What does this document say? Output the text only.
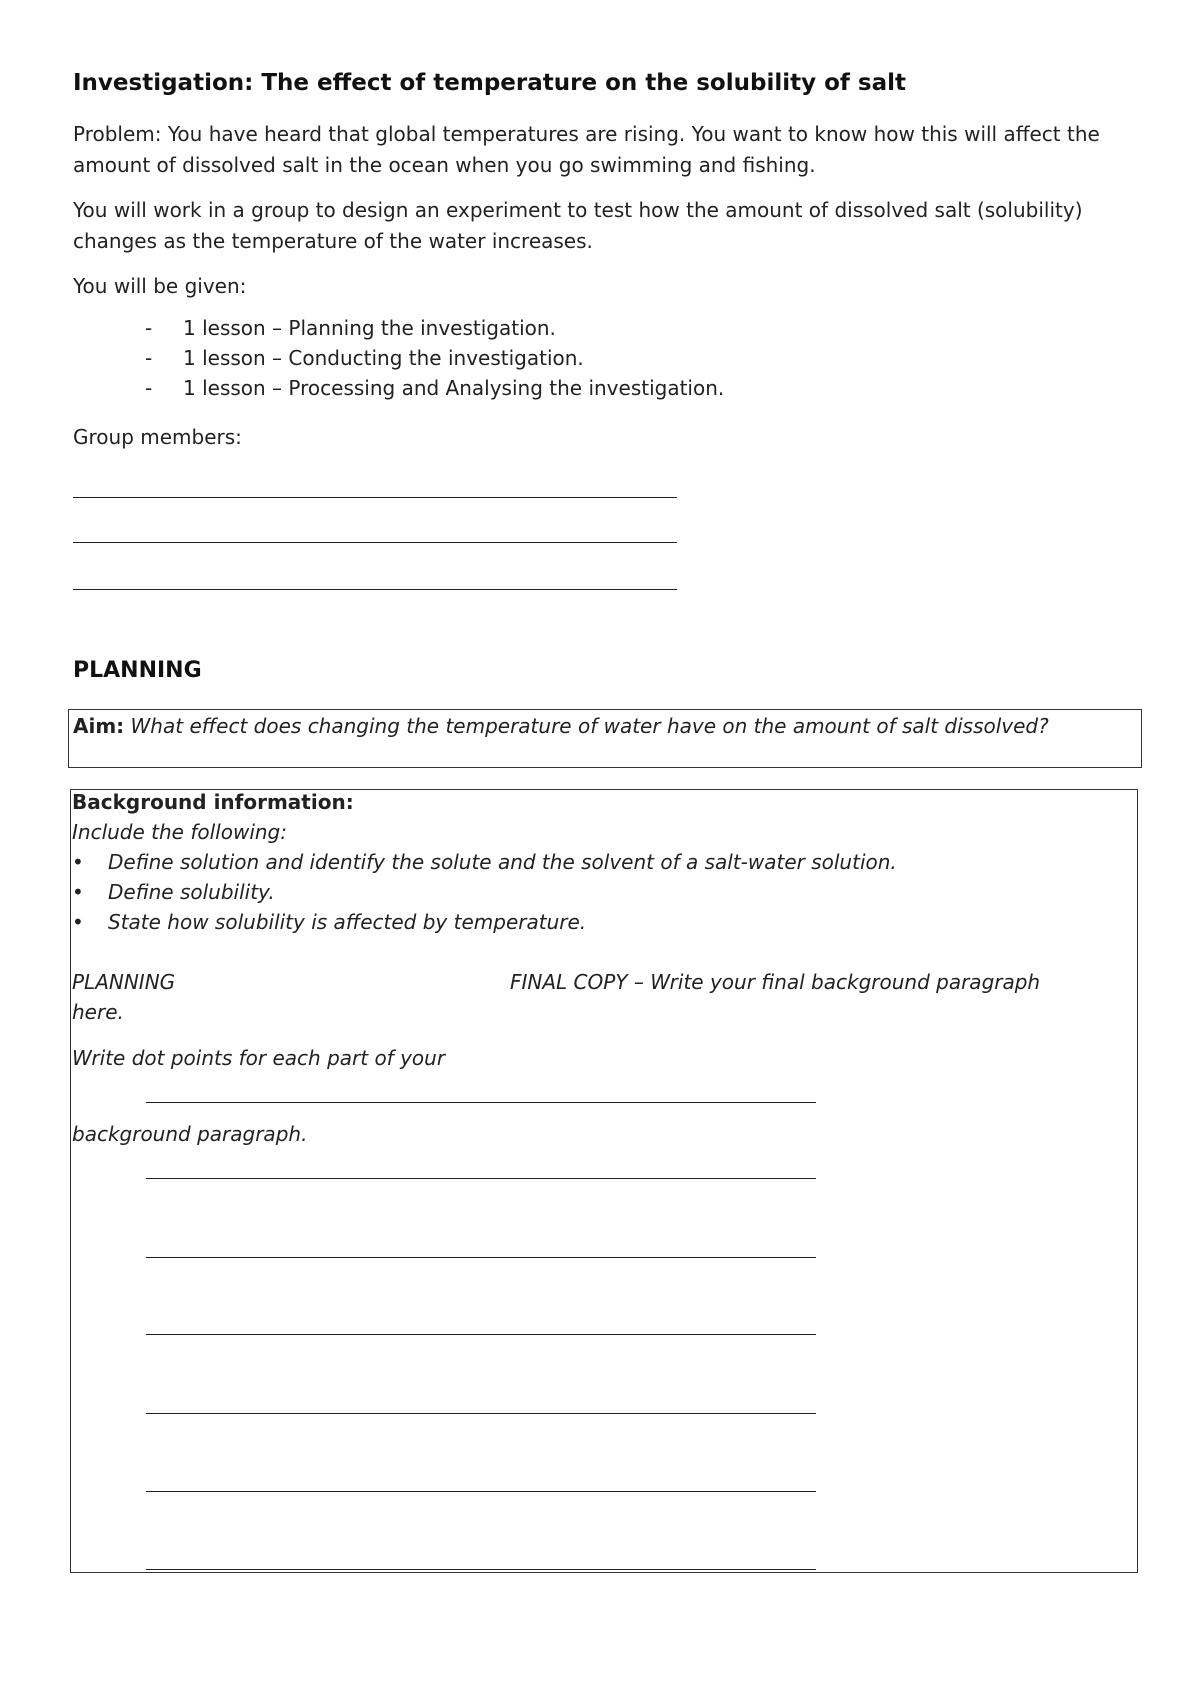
Investigation: The effect of temperature on the solubility of salt
Problem: You have heard that global temperatures are rising. You want to know how this will affect the amount of dissolved salt in the ocean when you go swimming and fishing.
You will work in a group to design an experiment to test how the amount of dissolved salt (solubility) changes as the temperature of the water increases.
You will be given:
- 1 lesson – Planning the investigation.
- 1 lesson – Conducting the investigation.
- 1 lesson – Processing and Analysing the investigation.
Group members:
PLANNING
Aim: What effect does changing the temperature of water have on the amount of salt dissolved?
Background information:
Include the following:
• Define solution and identify the solute and the solvent of a salt-water solution.
• Define solubility.
• State how solubility is affected by temperature.
PLANNING	FINAL COPY – Write your final background paragraph
here.
Write dot points for each part of your
background paragraph.
